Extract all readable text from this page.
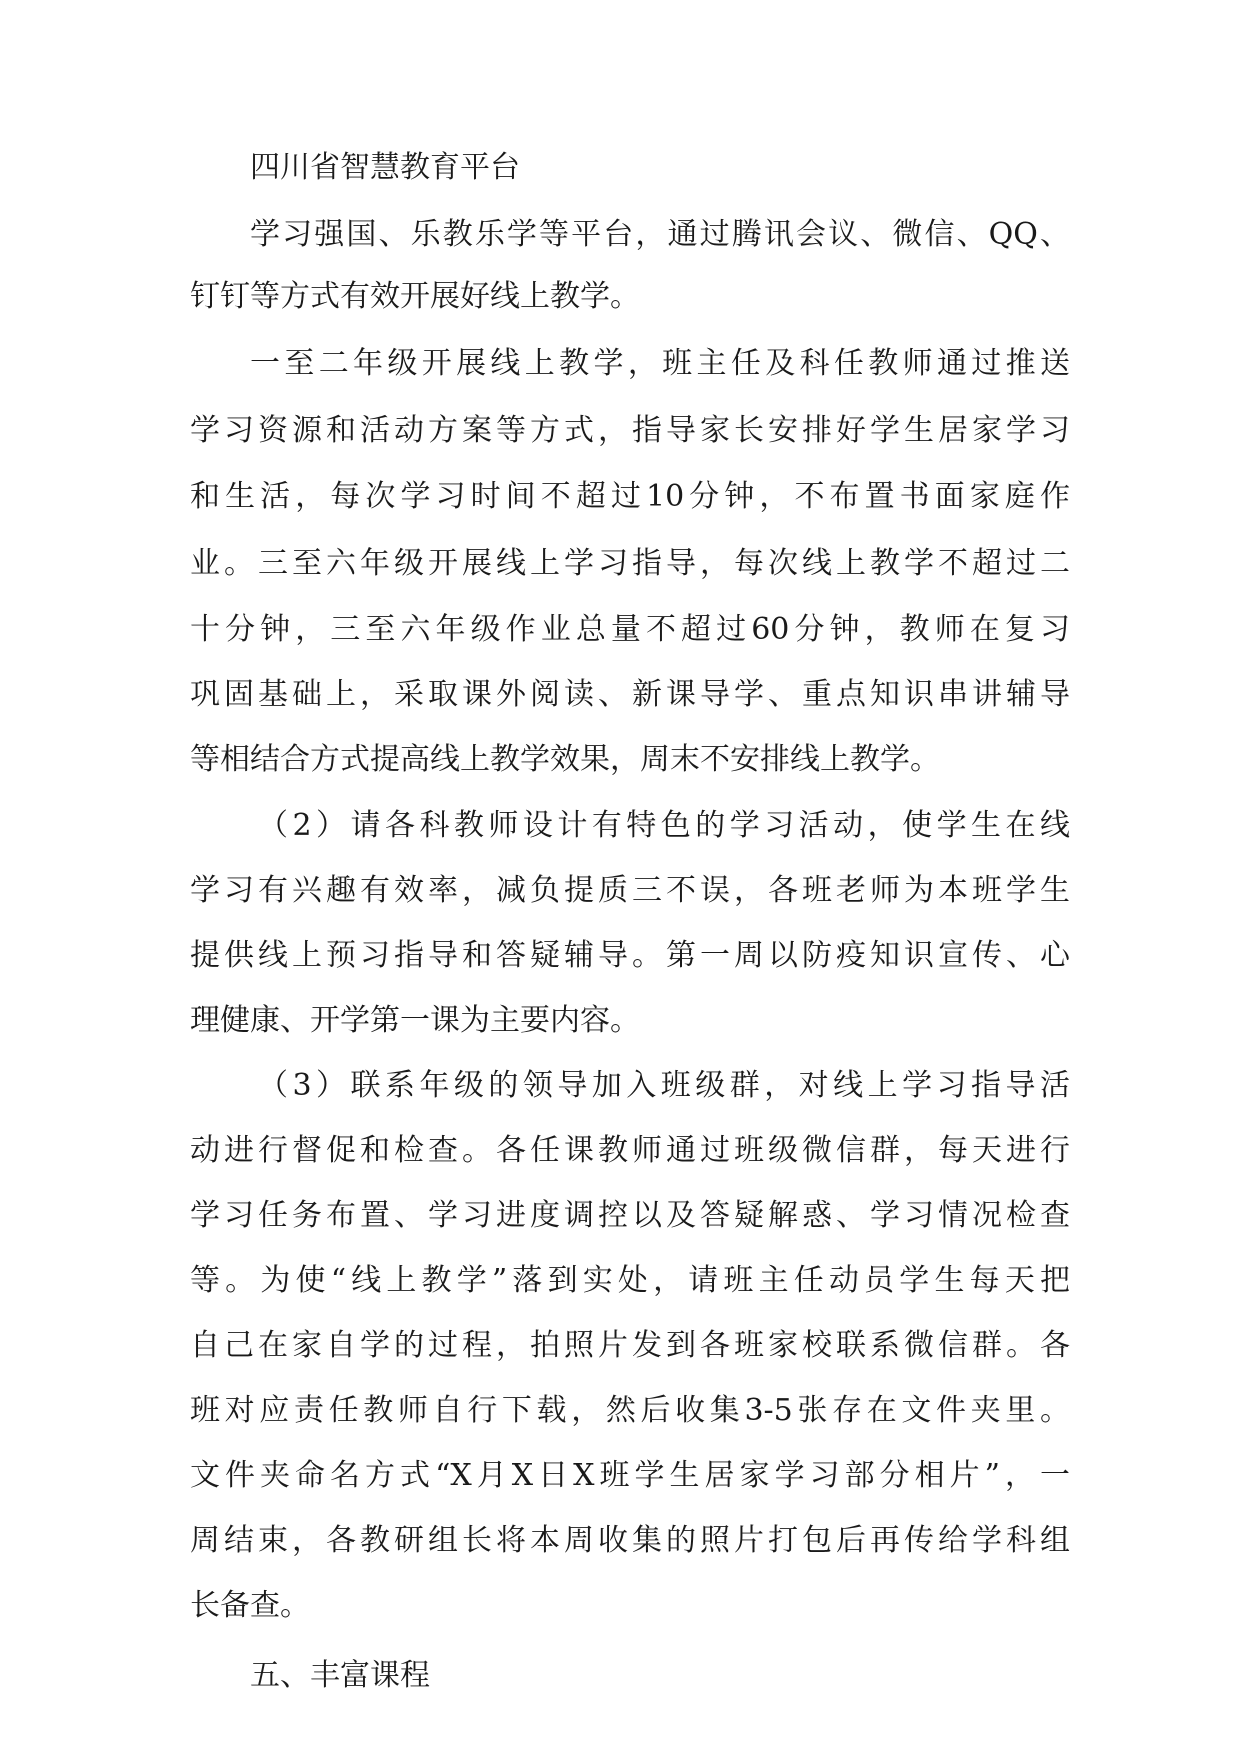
四川省智慧教育平台
学习强国、乐教乐学等平台，通过腾讯会议、微信、QQ、
钉钉等方式有效开展好线上教学。
一至二年级开展线上教学，班主任及科任教师通过推送
学习资源和活动方案等方式，指导家长安排好学生居家学习
和生活，每次学习时间不超过10分钟，不布置书面家庭作
业。三至六年级开展线上学习指导，每次线上教学不超过二
十分钟，三至六年级作业总量不超过60分钟，教师在复习
巩固基础上，采取课外阅读、新课导学、重点知识串讲辅导
等相结合方式提高线上教学效果，周末不安排线上教学。
（2）请各科教师设计有特色的学习活动，使学生在线
学习有兴趣有效率，减负提质三不误，各班老师为本班学生
提供线上预习指导和答疑辅导。第一周以防疫知识宣传、心
理健康、开学第一课为主要内容。
（3）联系年级的领导加入班级群，对线上学习指导活
动进行督促和检查。各任课教师通过班级微信群，每天进行
学习任务布置、学习进度调控以及答疑解惑、学习情况检查
等。为使“线上教学”落到实处，请班主任动员学生每天把
自己在家自学的过程，拍照片发到各班家校联系微信群。各
班对应责任教师自行下载，然后收集3-5张存在文件夹里。
文件夹命名方式“X月X日X班学生居家学习部分相片”，一
周结束，各教研组长将本周收集的照片打包后再传给学科组
长备查。
五、丰富课程
